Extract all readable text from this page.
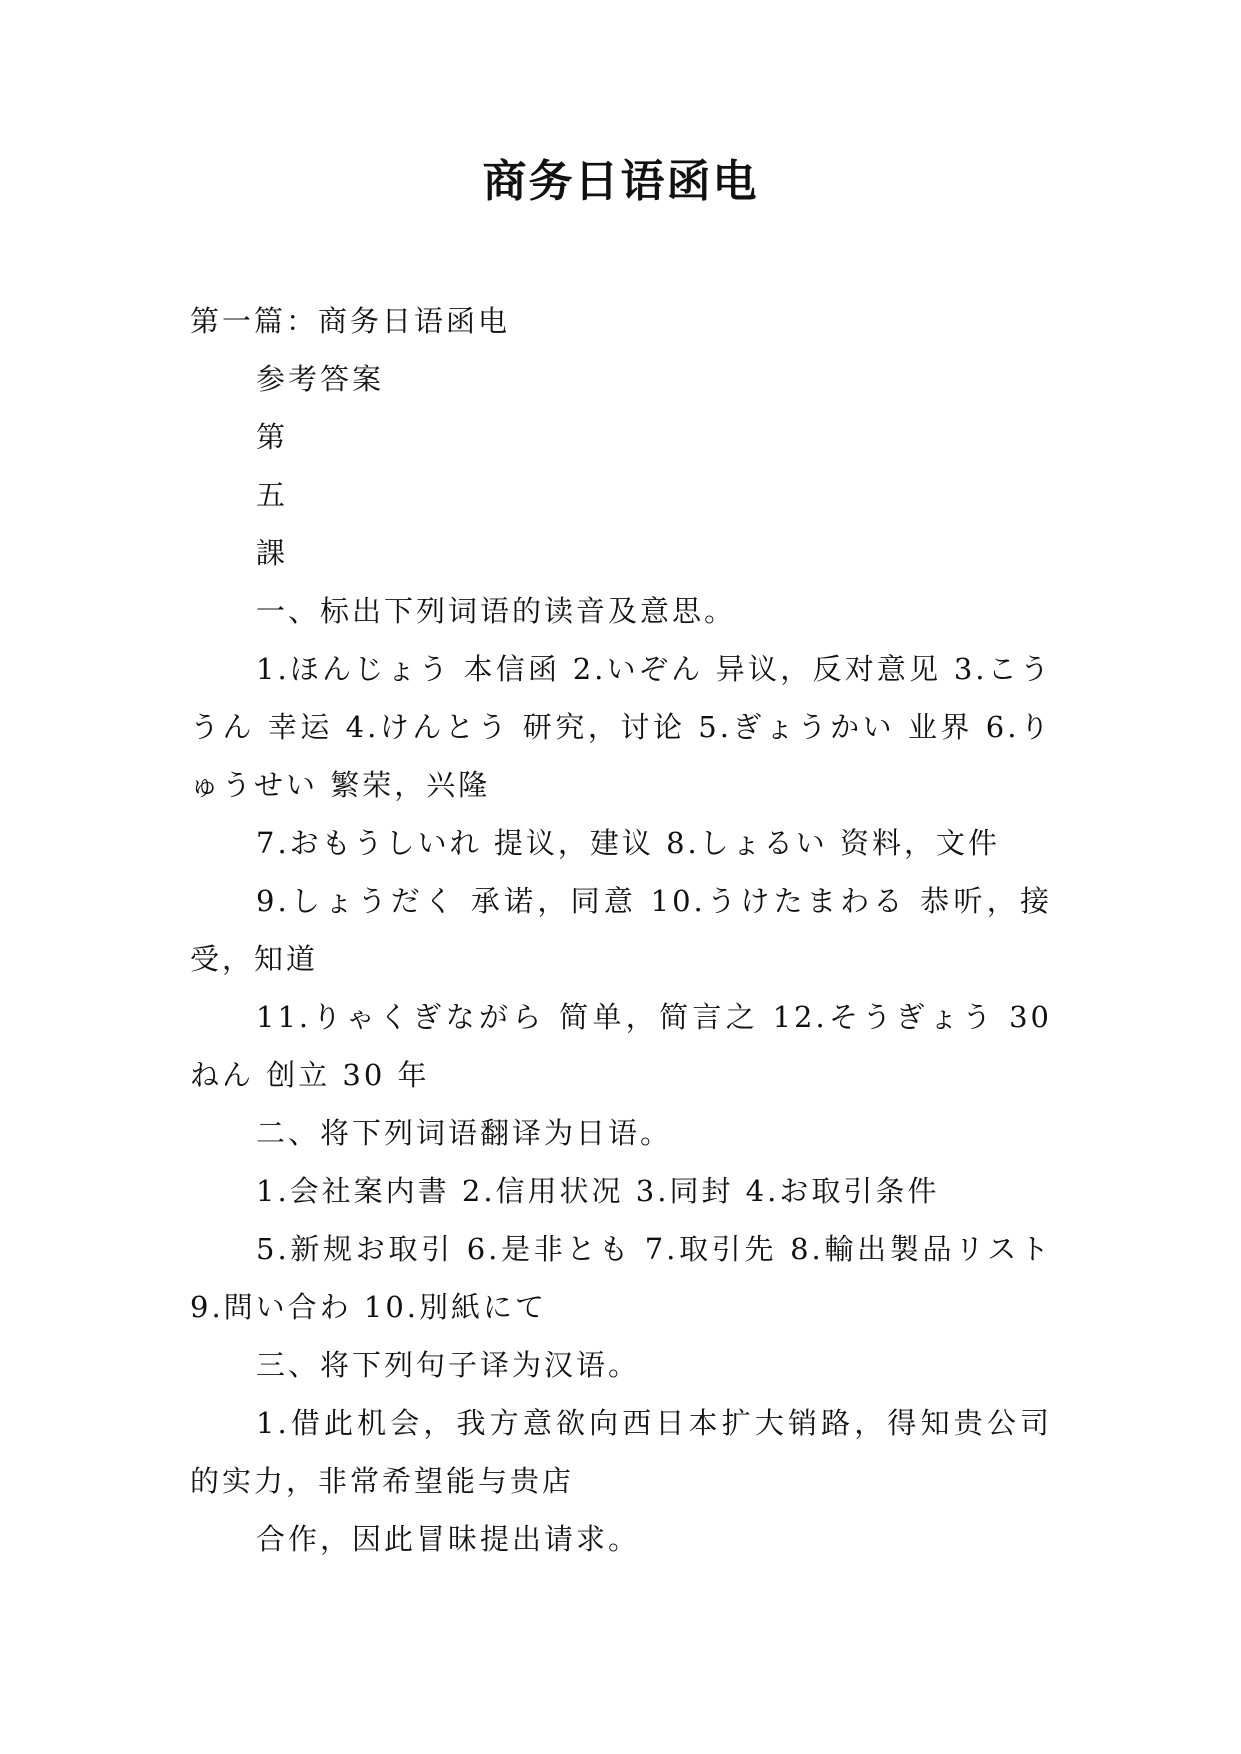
商务日语函电

第一篇：商务日语函电

参考答案

第

五

課

一、标出下列词语的读音及意思。

1.ほんじょう 本信函 2.いぞん 异议，反对意见 3.こううん 幸运 4.けんとう 研究，讨论 5.ぎょうかい 业界 6.りゅうせい 繁荣，兴隆

7.おもうしいれ 提议，建议 8.しょるい 资料，文件

9.しょうだく 承诺，同意 10.うけたまわる 恭听，接受，知道

11.りゃくぎながら 简单，简言之 12.そうぎょう 30ねん 创立 30 年

二、将下列词语翻译为日语。

1.会社案内書 2.信用状况 3.同封 4.お取引条件

5.新规お取引 6.是非とも 7.取引先 8.輸出製品リスト 9.問い合わ 10.別紙にて

三、将下列句子译为汉语。

1.借此机会，我方意欲向西日本扩大销路，得知贵公司的实力，非常希望能与贵店

合作，因此冒昧提出请求。
